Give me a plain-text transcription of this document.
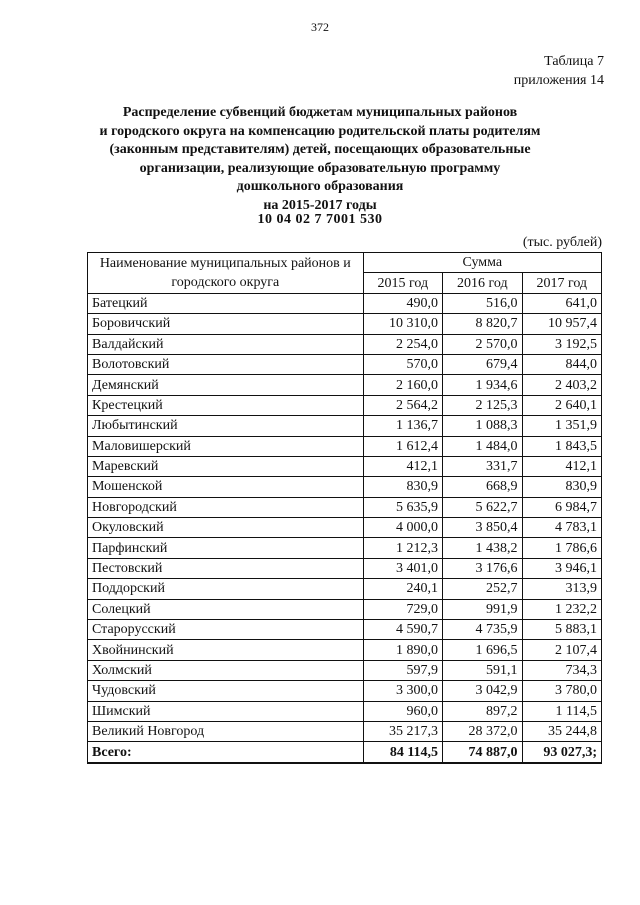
372
Таблица 7
приложения 14
Распределение субвенций бюджетам муниципальных районов
и городского округа на компенсацию родительской платы родителям
(законным представителям) детей, посещающих образовательные
организации, реализующие образовательную программу
дошкольного образования
на 2015-2017 годы
10 04 02 7 7001 530
(тыс. рублей)
Наименование муниципальных районов и городского округа	Сумма		
	2015 год	2016 год	2017 год
Батецкий	490,0	516,0	641,0
Боровичский	10 310,0	8 820,7	10 957,4
Валдайский	2 254,0	2 570,0	3 192,5
Волотовский	570,0	679,4	844,0
Демянский	2 160,0	1 934,6	2 403,2
Крестецкий	2 564,2	2 125,3	2 640,1
Любытинский	1 136,7	1 088,3	1 351,9
Маловишерский	1 612,4	1 484,0	1 843,5
Маревский	412,1	331,7	412,1
Мошенской	830,9	668,9	830,9
Новгородский	5 635,9	5 622,7	6 984,7
Окуловский	4 000,0	3 850,4	4 783,1
Парфинский	1 212,3	1 438,2	1 786,6
Пестовский	3 401,0	3 176,6	3 946,1
Поддорский	240,1	252,7	313,9
Солецкий	729,0	991,9	1 232,2
Старорусский	4 590,7	4 735,9	5 883,1
Хвойнинский	1 890,0	1 696,5	2 107,4
Холмский	597,9	591,1	734,3
Чудовский	3 300,0	3 042,9	3 780,0
Шимский	960,0	897,2	1 114,5
Великий Новгород	35 217,3	28 372,0	35 244,8
Всего:	84 114,5	74 887,0	93 027,3;
